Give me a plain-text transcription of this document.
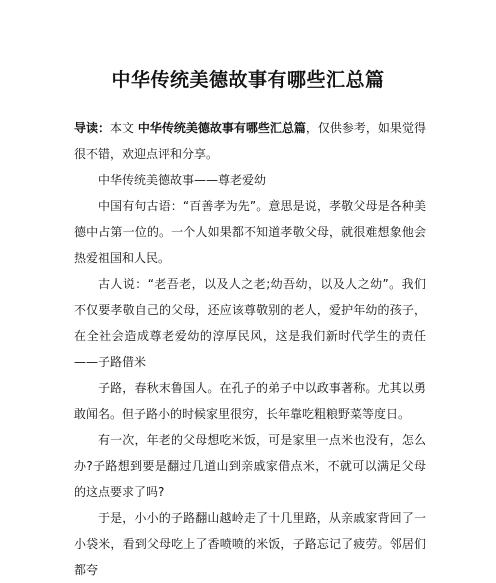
中华传统美德故事有哪些汇总篇

导读：本文 中华传统美德故事有哪些汇总篇，仅供参考，如果觉得很不错，欢迎点评和分享。

中华传统美德故事——尊老爱幼

中国有句古语：“百善孝为先”。意思是说，孝敬父母是各种美德中占第一位的。一个人如果都不知道孝敬父母，就很难想象他会热爱祖国和人民。

古人说：“老吾老，以及人之老;幼吾幼，以及人之幼”。我们不仅要孝敬自己的父母，还应该尊敬别的老人，爱护年幼的孩子，在全社会造成尊老爱幼的淳厚民风，这是我们新时代学生的责任—— 子路借米

子路，春秋末鲁国人。在孔子的弟子中以政事著称。尤其以勇敢闻名。但子路小的时候家里很穷，长年靠吃粗粮野菜等度日。

有一次，年老的父母想吃米饭，可是家里一点米也没有，怎么办?子路想到要是翻过几道山到亲戚家借点米，不就可以满足父母的这点要求了吗?

于是，小小的子路翻山越岭走了十几里路，从亲戚家背回了一小袋米，看到父母吃上了香喷喷的米饭，子路忘记了疲劳。邻居们都夸
